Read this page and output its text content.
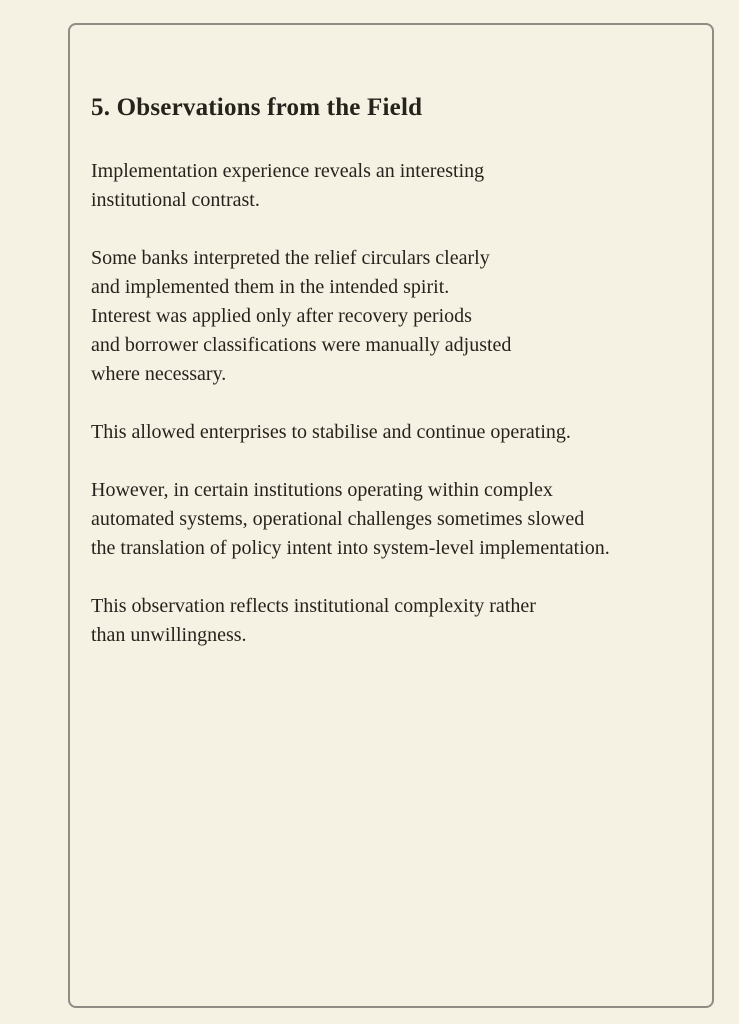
5. Observations from the Field
Implementation experience reveals an interesting
institutional contrast.
Some banks interpreted the relief circulars clearly
and implemented them in the intended spirit.
Interest was applied only after recovery periods
and borrower classifications were manually adjusted
where necessary.
This allowed enterprises to stabilise and continue operating.
However, in certain institutions operating within complex
automated systems, operational challenges sometimes slowed
the translation of policy intent into system-level implementation.
This observation reflects institutional complexity rather
than unwillingness.
